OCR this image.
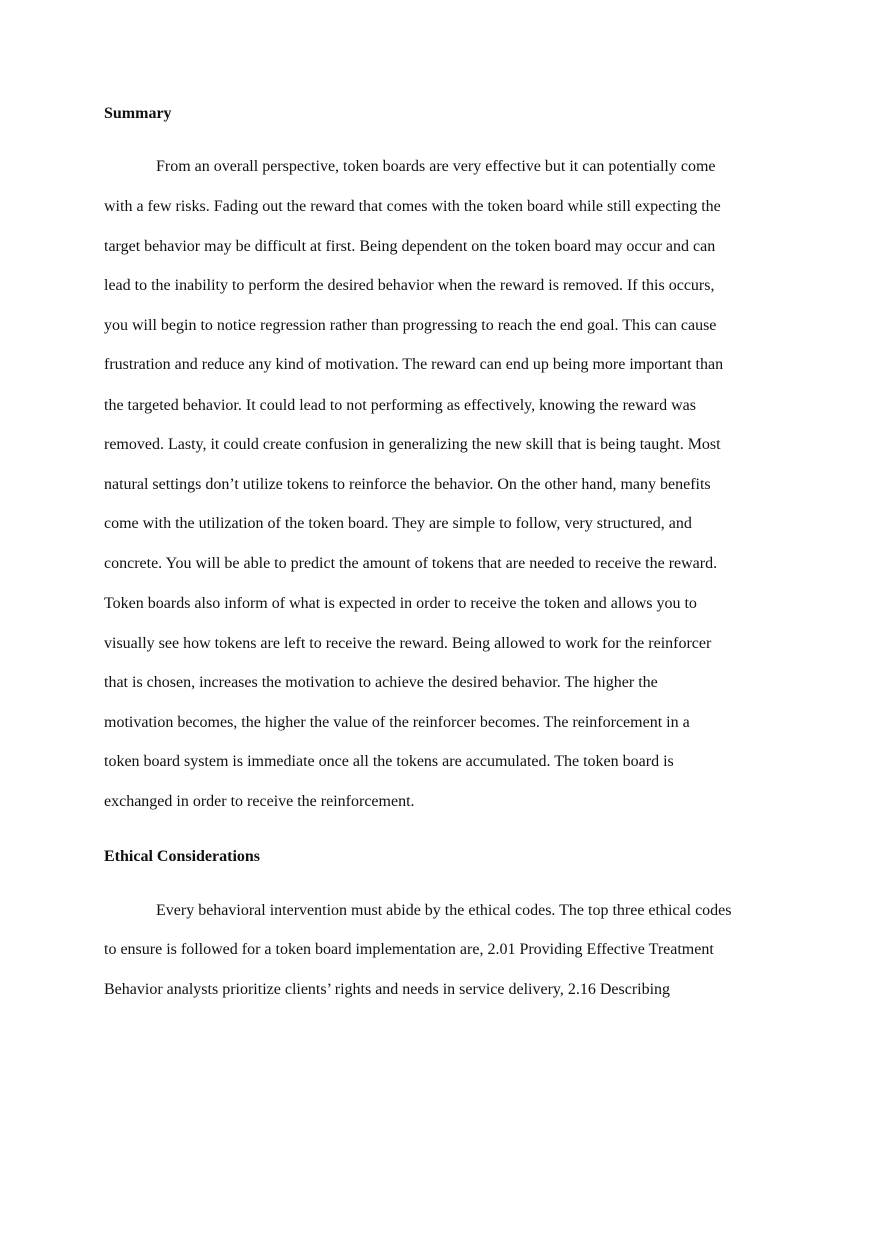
Summary
From an overall perspective, token boards are very effective but it can potentially come
with a few risks. Fading out the reward that comes with the token board while still expecting the
target behavior may be difficult at first. Being dependent on the token board may occur and can
lead to the inability to perform the desired behavior when the reward is removed. If this occurs,
you will begin to notice regression rather than progressing to reach the end goal. This can cause
frustration and reduce any kind of motivation. The reward can end up being more important than
the targeted behavior. It could lead to not performing as effectively, knowing the reward was
removed. Lasty, it could create confusion in generalizing the new skill that is being taught. Most
natural settings don’t utilize tokens to reinforce the behavior. On the other hand, many benefits
come with the utilization of the token board. They are simple to follow, very structured, and
concrete. You will be able to predict the amount of tokens that are needed to receive the reward.
Token boards also inform of what is expected in order to receive the token and allows you to
visually see how tokens are left to receive the reward. Being allowed to work for the reinforcer
that is chosen, increases the motivation to achieve the desired behavior. The higher the
motivation becomes, the higher the value of the reinforcer becomes. The reinforcement in a
token board system is immediate once all the tokens are accumulated. The token board is
exchanged in order to receive the reinforcement.
Ethical Considerations
Every behavioral intervention must abide by the ethical codes. The top three ethical codes
to ensure is followed for a token board implementation are, 2.01 Providing Effective Treatment
Behavior analysts prioritize clients’ rights and needs in service delivery, 2.16 Describing
